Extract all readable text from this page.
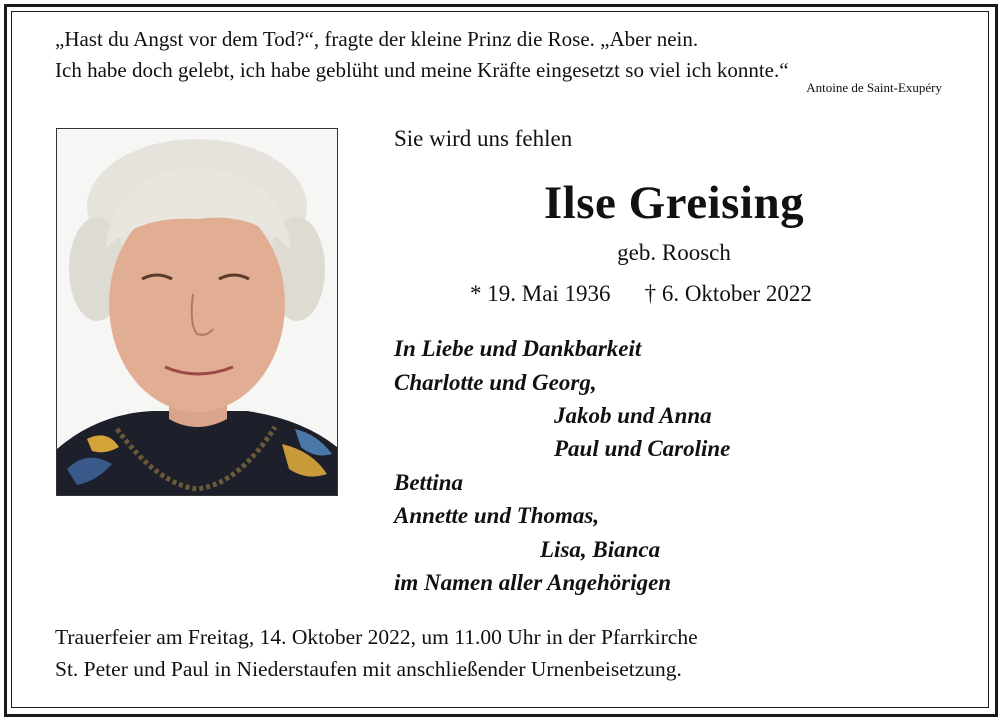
„Hast du Angst vor dem Tod?“, fragte der kleine Prinz die Rose. „Aber nein.
Ich habe doch gelebt, ich habe geblüht und meine Kräfte eingesetzt so viel ich konnte.“
Antoine de Saint-Exupéry
Sie wird uns fehlen
Ilse Greising
geb. Roosch
* 19. Mai 1936 † 6. Oktober 2022
In Liebe und Dankbarkeit
Charlotte und Georg,
Jakob und Anna
Paul und Caroline
Bettina
Annette und Thomas,
Lisa, Bianca
im Namen aller Angehörigen
Trauerfeier am Freitag, 14. Oktober 2022, um 11.00 Uhr in der Pfarrkirche
St. Peter und Paul in Niederstaufen mit anschließender Urnenbeisetzung.
